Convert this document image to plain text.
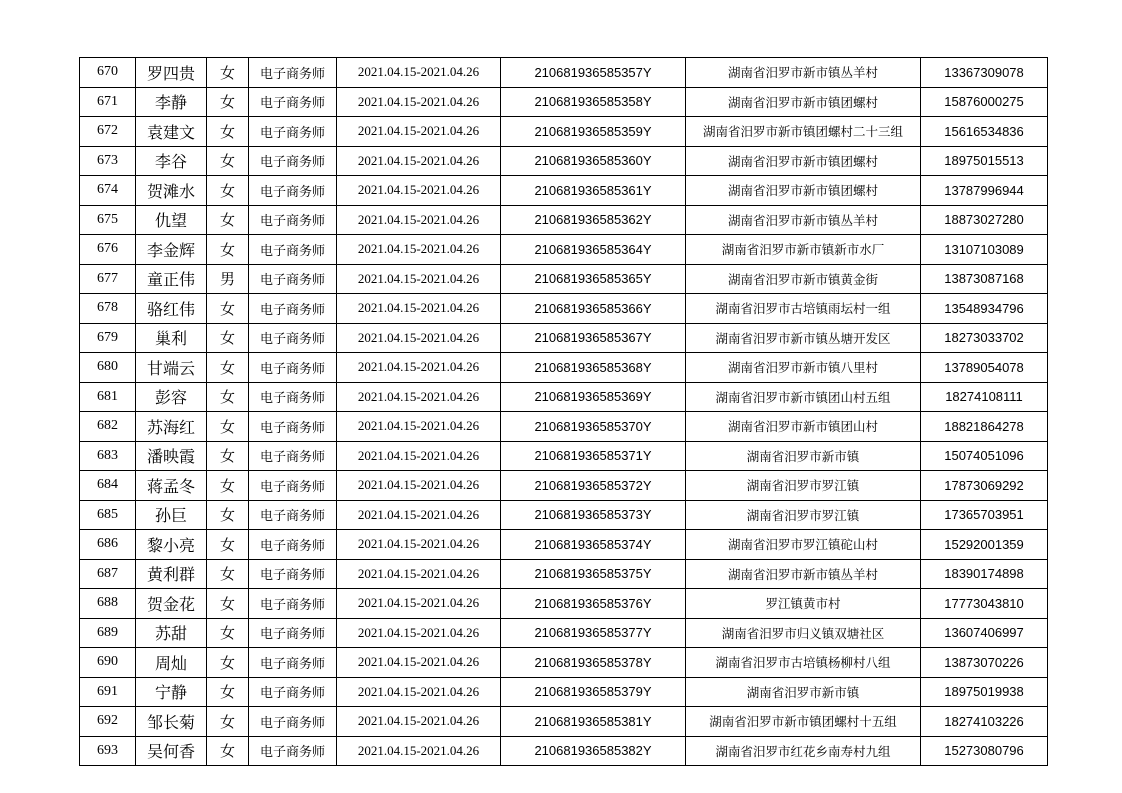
670	罗四贵	女	电子商务师	2021.04.15-2021.04.26	210681936585357Y	湖南省汨罗市新市镇丛羊村	13367309078
671	李静	女	电子商务师	2021.04.15-2021.04.26	210681936585358Y	湖南省汨罗市新市镇团螺村	15876000275
672	袁建文	女	电子商务师	2021.04.15-2021.04.26	210681936585359Y	湖南省汨罗市新市镇团螺村二十三组	15616534836
673	李谷	女	电子商务师	2021.04.15-2021.04.26	210681936585360Y	湖南省汨罗市新市镇团螺村	18975015513
674	贺滩水	女	电子商务师	2021.04.15-2021.04.26	210681936585361Y	湖南省汨罗市新市镇团螺村	13787996944
675	仇望	女	电子商务师	2021.04.15-2021.04.26	210681936585362Y	湖南省汨罗市新市镇丛羊村	18873027280
676	李金辉	女	电子商务师	2021.04.15-2021.04.26	210681936585364Y	湖南省汨罗市新市镇新市水厂	13107103089
677	童正伟	男	电子商务师	2021.04.15-2021.04.26	210681936585365Y	湖南省汨罗市新市镇黄金街	13873087168
678	骆红伟	女	电子商务师	2021.04.15-2021.04.26	210681936585366Y	湖南省汨罗市古培镇雨坛村一组	13548934796
679	巢利	女	电子商务师	2021.04.15-2021.04.26	210681936585367Y	湖南省汨罗市新市镇丛塘开发区	18273033702
680	甘端云	女	电子商务师	2021.04.15-2021.04.26	210681936585368Y	湖南省汨罗市新市镇八里村	13789054078
681	彭容	女	电子商务师	2021.04.15-2021.04.26	210681936585369Y	湖南省汨罗市新市镇团山村五组	18274108111
682	苏海红	女	电子商务师	2021.04.15-2021.04.26	210681936585370Y	湖南省汨罗市新市镇团山村	18821864278
683	潘映霞	女	电子商务师	2021.04.15-2021.04.26	210681936585371Y	湖南省汨罗市新市镇	15074051096
684	蒋孟冬	女	电子商务师	2021.04.15-2021.04.26	210681936585372Y	湖南省汨罗市罗江镇	17873069292
685	孙巨	女	电子商务师	2021.04.15-2021.04.26	210681936585373Y	湖南省汨罗市罗江镇	17365703951
686	黎小亮	女	电子商务师	2021.04.15-2021.04.26	210681936585374Y	湖南省汨罗市罗江镇砣山村	15292001359
687	黄利群	女	电子商务师	2021.04.15-2021.04.26	210681936585375Y	湖南省汨罗市新市镇丛羊村	18390174898
688	贺金花	女	电子商务师	2021.04.15-2021.04.26	210681936585376Y	罗江镇黄市村	17773043810
689	苏甜	女	电子商务师	2021.04.15-2021.04.26	210681936585377Y	湖南省汨罗市归义镇双塘社区	13607406997
690	周灿	女	电子商务师	2021.04.15-2021.04.26	210681936585378Y	湖南省汨罗市古培镇杨柳村八组	13873070226
691	宁静	女	电子商务师	2021.04.15-2021.04.26	210681936585379Y	湖南省汨罗市新市镇	18975019938
692	邹长菊	女	电子商务师	2021.04.15-2021.04.26	210681936585381Y	湖南省汨罗市新市镇团螺村十五组	18274103226
693	吴何香	女	电子商务师	2021.04.15-2021.04.26	210681936585382Y	湖南省汨罗市红花乡南寿村九组	15273080796
